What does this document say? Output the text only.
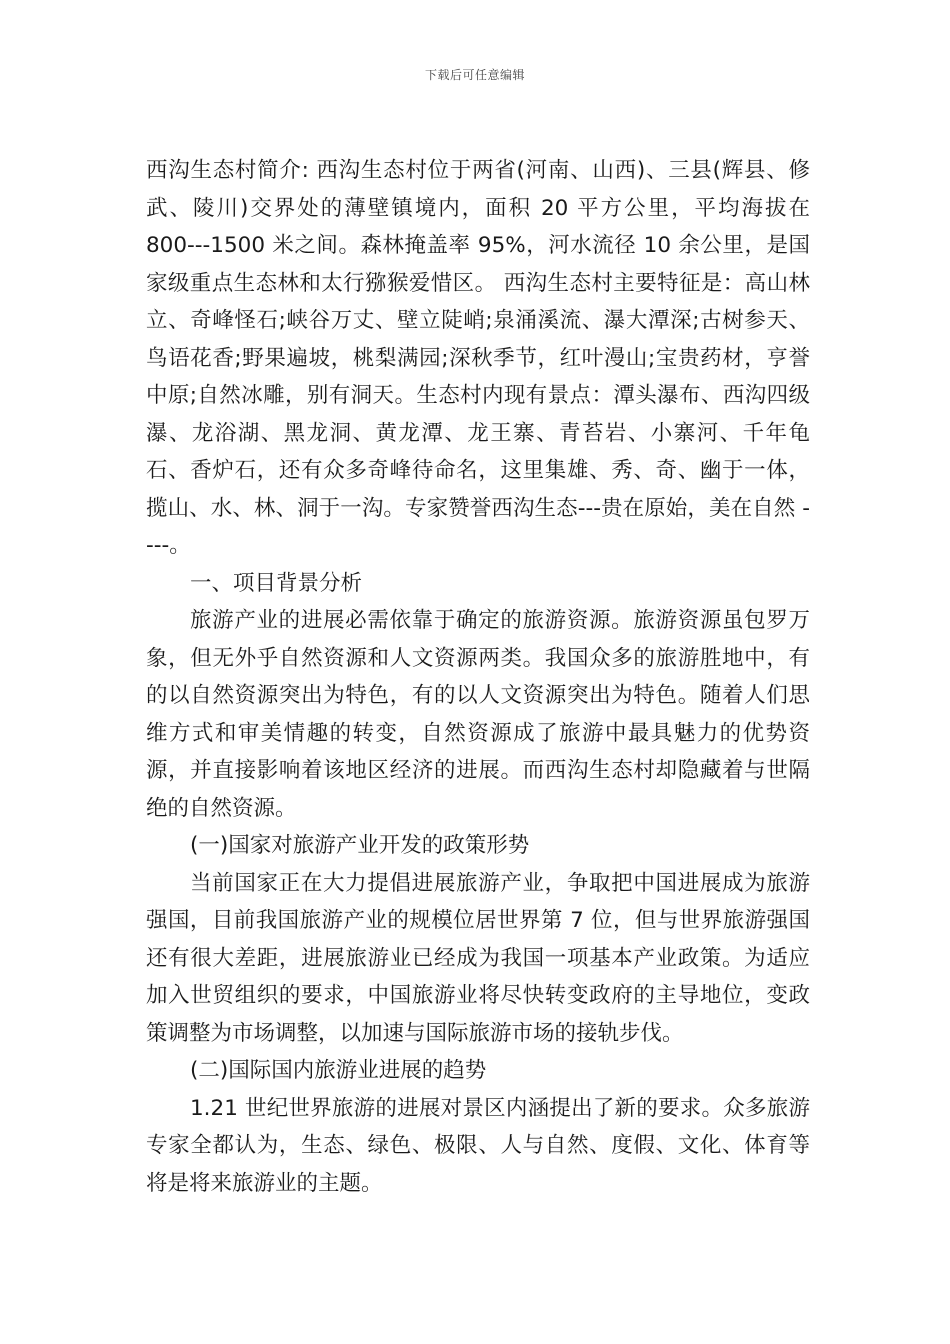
下载后可任意编辑

西沟生态村简介: 西沟生态村位于两省(河南、山西)、三县(辉县、修武、陵川)交界处的薄壁镇境内，面积 20 平方公里，平均海拔在 800---1500 米之间。森林掩盖率 95%，河水流径 10 余公里，是国家级重点生态林和太行猕猴爱惜区。 西沟生态村主要特征是：高山林立、奇峰怪石;峡谷万丈、壁立陡峭;泉涌溪流、瀑大潭深;古树参天、鸟语花香;野果遍坡，桃梨满园;深秋季节，红叶漫山;宝贵药材，亨誉中原;自然冰雕，别有洞天。生态村内现有景点：潭头瀑布、西沟四级瀑、龙浴湖、黑龙洞、黄龙潭、龙王寨、青苔岩、小寨河、千年龟石、香炉石，还有众多奇峰待命名，这里集雄、秀、奇、幽于一体，揽山、水、林、洞于一沟。专家赞誉西沟生态---贵在原始，美在自然 ----。

一、项目背景分析

旅游产业的进展必需依靠于确定的旅游资源。旅游资源虽包罗万象，但无外乎自然资源和人文资源两类。我国众多的旅游胜地中，有的以自然资源突出为特色，有的以人文资源突出为特色。随着人们思维方式和审美情趣的转变，自然资源成了旅游中最具魅力的优势资源，并直接影响着该地区经济的进展。而西沟生态村却隐藏着与世隔绝的自然资源。

(一)国家对旅游产业开发的政策形势

当前国家正在大力提倡进展旅游产业，争取把中国进展成为旅游强国，目前我国旅游产业的规模位居世界第 7 位，但与世界旅游强国还有很大差距，进展旅游业已经成为我国一项基本产业政策。为适应加入世贸组织的要求，中国旅游业将尽快转变政府的主导地位，变政策调整为市场调整，以加速与国际旅游市场的接轨步伐。

(二)国际国内旅游业进展的趋势

1.21 世纪世界旅游的进展对景区内涵提出了新的要求。众多旅游专家全都认为，生态、绿色、极限、人与自然、度假、文化、体育等将是将来旅游业的主题。
